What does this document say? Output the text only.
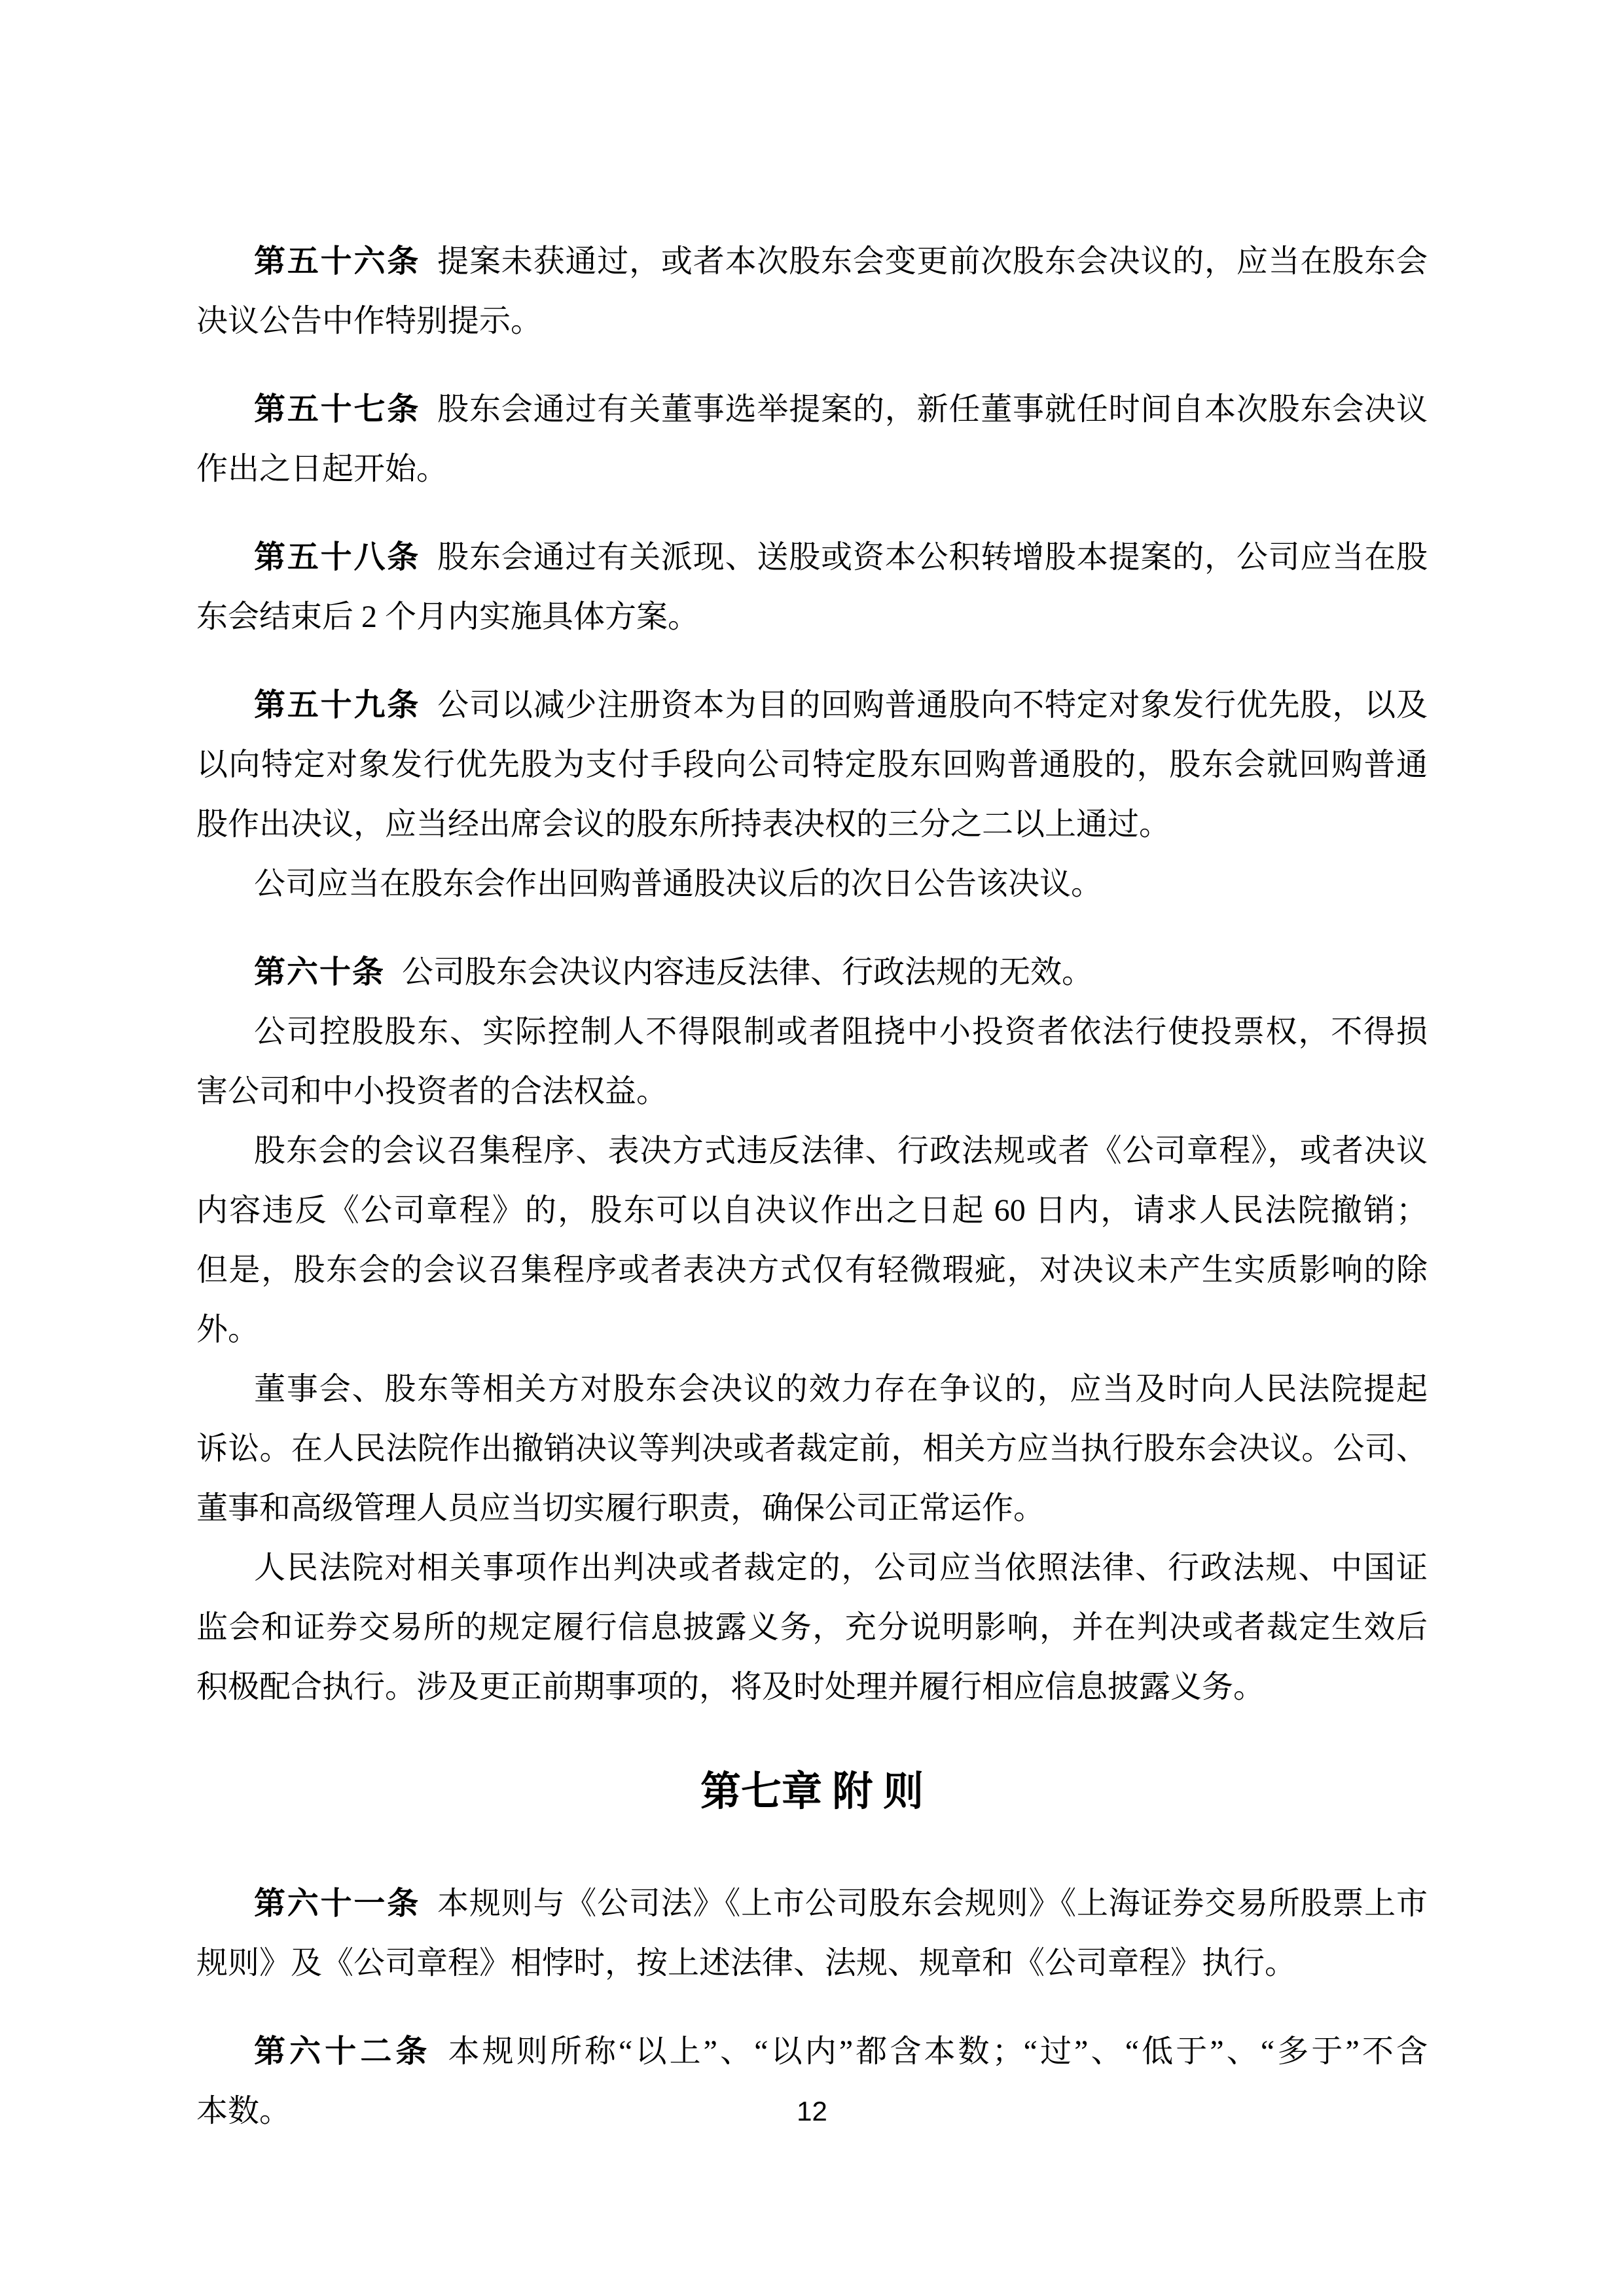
第五十六条 提案未获通过，或者本次股东会变更前次股东会决议的，应当在股东会
决议公告中作特别提示。
第五十七条 股东会通过有关董事选举提案的，新任董事就任时间自本次股东会决议
作出之日起开始。
第五十八条 股东会通过有关派现、送股或资本公积转增股本提案的，公司应当在股
东会结束后 2 个月内实施具体方案。
第五十九条 公司以减少注册资本为目的回购普通股向不特定对象发行优先股，以及
以向特定对象发行优先股为支付手段向公司特定股东回购普通股的，股东会就回购普通
股作出决议，应当经出席会议的股东所持表决权的三分之二以上通过。
公司应当在股东会作出回购普通股决议后的次日公告该决议。
第六十条 公司股东会决议内容违反法律、行政法规的无效。
公司控股股东、实际控制人不得限制或者阻挠中小投资者依法行使投票权，不得损
害公司和中小投资者的合法权益。
股东会的会议召集程序、表决方式违反法律、行政法规或者《公司章程》，或者决议
内容违反《公司章程》的，股东可以自决议作出之日起 60 日内，请求人民法院撤销；
但是，股东会的会议召集程序或者表决方式仅有轻微瑕疵，对决议未产生实质影响的除
外。
董事会、股东等相关方对股东会决议的效力存在争议的，应当及时向人民法院提起
诉讼。在人民法院作出撤销决议等判决或者裁定前，相关方应当执行股东会决议。公司、
董事和高级管理人员应当切实履行职责，确保公司正常运作。
人民法院对相关事项作出判决或者裁定的，公司应当依照法律、行政法规、中国证
监会和证券交易所的规定履行信息披露义务，充分说明影响，并在判决或者裁定生效后
积极配合执行。涉及更正前期事项的，将及时处理并履行相应信息披露义务。
第七章 附 则
第六十一条 本规则与《公司法》《上市公司股东会规则》《上海证券交易所股票上市
规则》及《公司章程》相悖时，按上述法律、法规、规章和《公司章程》执行。
第六十二条 本规则所称“以上”、“以内”都含本数；“过”、“低于”、“多于”不含
本数。	12
